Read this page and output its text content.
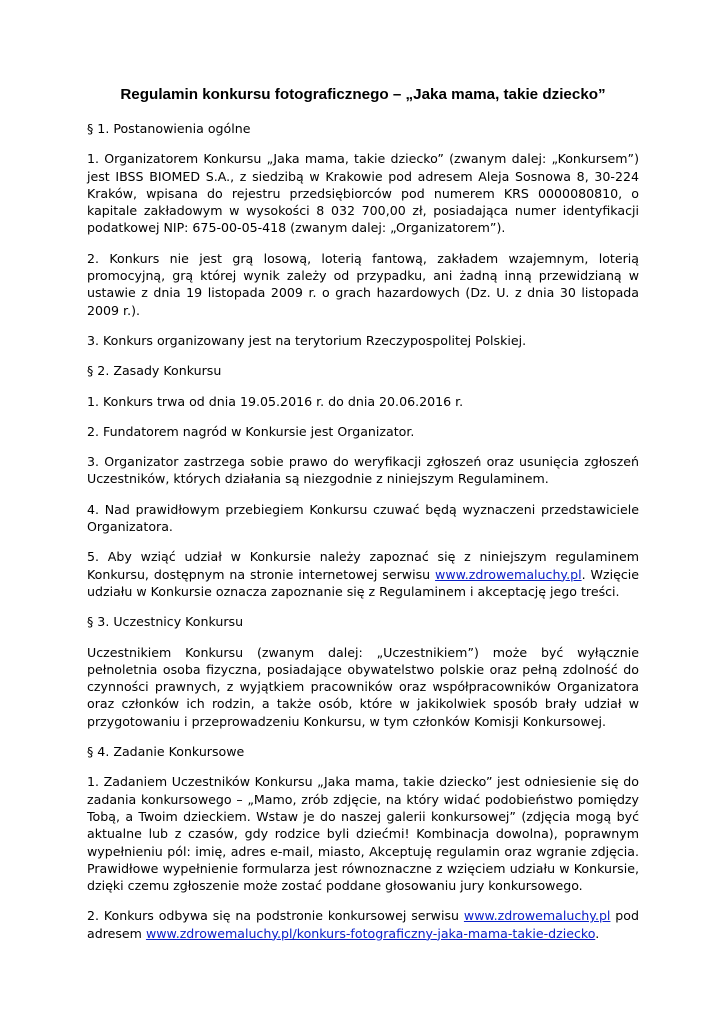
Regulamin konkursu fotograficznego – „Jaka mama, takie dziecko”

§ 1. Postanowienia ogólne

1. Organizatorem Konkursu „Jaka mama, takie dziecko” (zwanym dalej: „Konkursem”) jest IBSS BIOMED S.A., z siedzibą w Krakowie pod adresem Aleja Sosnowa 8, 30-224 Kraków, wpisana do rejestru przedsiębiorców pod numerem KRS 0000080810, o kapitale zakładowym w wysokości 8 032 700,00 zł, posiadająca numer identyfikacji podatkowej NIP: 675-00-05-418 (zwanym dalej: „Organizatorem”).

2. Konkurs nie jest grą losową, loterią fantową, zakładem wzajemnym, loterią promocyjną, grą której wynik zależy od przypadku, ani żadną inną przewidzianą w ustawie z dnia 19 listopada 2009 r. o grach hazardowych (Dz. U. z dnia 30 listopada 2009 r.).

3. Konkurs organizowany jest na terytorium Rzeczypospolitej Polskiej.

§ 2. Zasady Konkursu

1. Konkurs trwa od dnia 19.05.2016 r. do dnia 20.06.2016 r.

2. Fundatorem nagród w Konkursie jest Organizator.

3. Organizator zastrzega sobie prawo do weryfikacji zgłoszeń oraz usunięcia zgłoszeń Uczestników, których działania są niezgodnie z niniejszym Regulaminem.

4. Nad prawidłowym przebiegiem Konkursu czuwać będą wyznaczeni przedstawiciele Organizatora.

5. Aby wziąć udział w Konkursie należy zapoznać się z niniejszym regulaminem Konkursu, dostępnym na stronie internetowej serwisu www.zdrowemaluchy.pl. Wzięcie udziału w Konkursie oznacza zapoznanie się z Regulaminem i akceptację jego treści.

§ 3. Uczestnicy Konkursu

Uczestnikiem Konkursu (zwanym dalej: „Uczestnikiem”) może być wyłącznie pełnoletnia osoba fizyczna, posiadające obywatelstwo polskie oraz pełną zdolność do czynności prawnych, z wyjątkiem pracowników oraz współpracowników Organizatora oraz członków ich rodzin, a także osób, które w jakikolwiek sposób brały udział w przygotowaniu i przeprowadzeniu Konkursu, w tym członków Komisji Konkursowej.

§ 4. Zadanie Konkursowe

1. Zadaniem Uczestników Konkursu „Jaka mama, takie dziecko” jest odniesienie się do zadania konkursowego – „Mamo, zrób zdjęcie, na który widać podobieństwo pomiędzy Tobą, a Twoim dzieckiem. Wstaw je do naszej galerii konkursowej” (zdjęcia mogą być aktualne lub z czasów, gdy rodzice byli dziećmi! Kombinacja dowolna), poprawnym wypełnieniu pól: imię, adres e-mail, miasto, Akceptuję regulamin oraz wgranie zdjęcia. Prawidłowe wypełnienie formularza jest równoznaczne z wzięciem udziału w Konkursie, dzięki czemu zgłoszenie może zostać poddane głosowaniu jury konkursowego.

2. Konkurs odbywa się na podstronie konkursowej serwisu www.zdrowemaluchy.pl pod adresem www.zdrowemaluchy.pl/konkurs-fotograficzny-jaka-mama-takie-dziecko.
